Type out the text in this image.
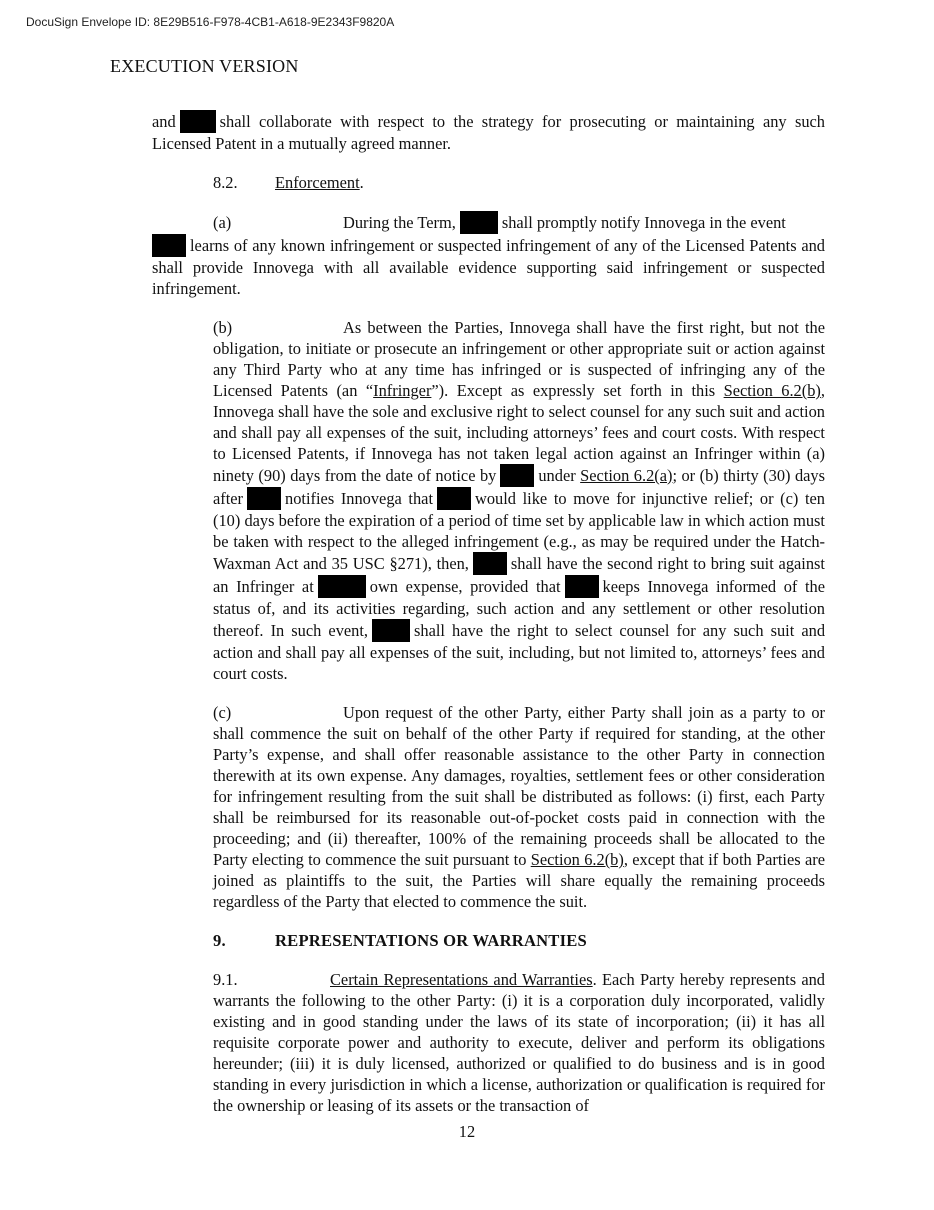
DocuSign Envelope ID: 8E29B516-F978-4CB1-A618-9E2343F9820A
EXECUTION VERSION

and	shall collaborate with respect to the strategy for prosecuting or maintaining any such Licensed Patent in a mutually agreed manner.

8.2. Enforcement.

(a)	During the Term,	shall promptly notify Innovega in the event

learns of any known infringement or suspected infringement of any of the Licensed Patents and shall provide Innovega with all available evidence supporting said infringement or suspected infringement.

(b)	As between the Parties, Innovega shall have the first right, but not the obligation, to initiate or prosecute an infringement or other appropriate suit or action against any Third Party who at any time has infringed or is suspected of infringing any of the Licensed Patents (an “Infringer”). Except as expressly set forth in this Section 6.2(b), Innovega shall have the sole and exclusive right to select counsel for any such suit and action and shall pay all expenses of the suit, including attorneys’ fees and court costs. With respect to Licensed Patents, if Innovega has not taken legal action against an Infringer within (a) ninety (90) days from the date of notice by	under Section 6.2(a); or (b) thirty (30) days after	notifies Innovega that	would like to move for injunctive relief; or (c) ten (10) days before the expiration of a period of time set by applicable law in which action must be taken with respect to the alleged infringement (e.g., as may be required under the Hatch-Waxman Act and 35 USC §271), then,	shall have the second right to bring suit against an Infringer at	own expense, provided that	keeps Innovega informed of the status of, and its activities regarding, such action and any settlement or other resolution thereof. In such event,	shall have the right to select counsel for any such suit and action and shall pay all expenses of the suit, including, but not limited to, attorneys’ fees and court costs.

(c)	Upon request of the other Party, either Party shall join as a party to or shall commence the suit on behalf of the other Party if required for standing, at the other Party’s expense, and shall offer reasonable assistance to the other Party in connection therewith at its own expense. Any damages, royalties, settlement fees or other consideration for infringement resulting from the suit shall be distributed as follows: (i) first, each Party shall be reimbursed for its reasonable out-of-pocket costs paid in connection with the proceeding; and (ii) thereafter, 100% of the remaining proceeds shall be allocated to the Party electing to commence the suit pursuant to Section 6.2(b), except that if both Parties are joined as plaintiffs to the suit, the Parties will share equally the remaining proceeds regardless of the Party that elected to commence the suit.

9.	REPRESENTATIONS OR WARRANTIES

9.1.	Certain Representations and Warranties. Each Party hereby represents and warrants the following to the other Party: (i) it is a corporation duly incorporated, validly existing and in good standing under the laws of its state of incorporation; (ii) it has all requisite corporate power and authority to execute, deliver and perform its obligations hereunder; (iii) it is duly licensed, authorized or qualified to do business and is in good standing in every jurisdiction in which a license, authorization or qualification is required for the ownership or leasing of its assets or the transaction of

12
